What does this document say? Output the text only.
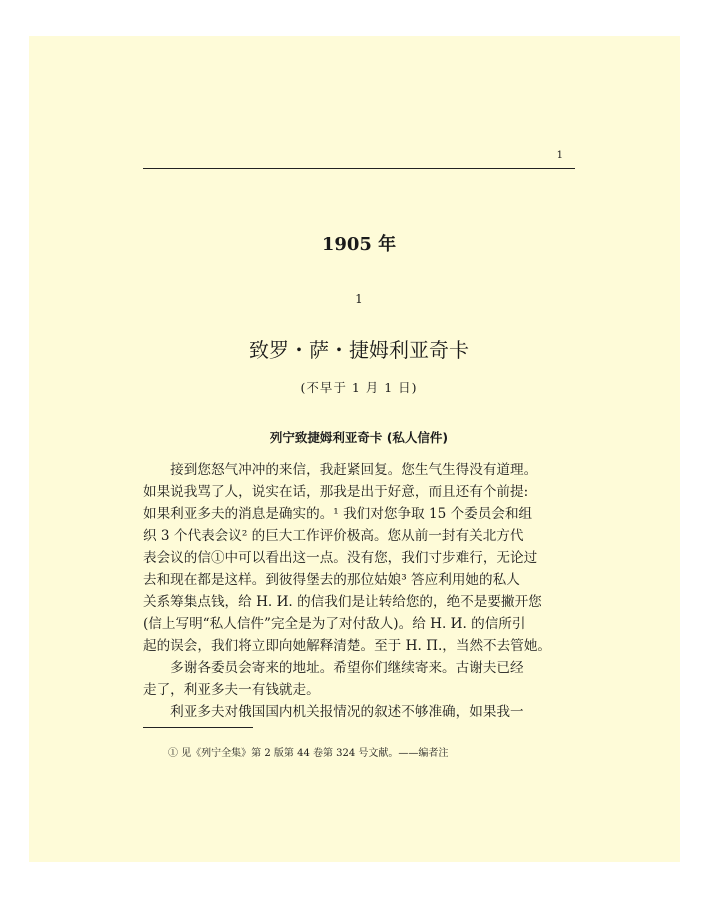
1
1905 年
1
致罗・萨・捷姆利亚奇卡
(不早于 1 月 1 日)
列宁致捷姆利亚奇卡 (私人信件)
　　接到您怒气冲冲的来信，我赶紧回复。您生气生得没有道理。
如果说我骂了人，说实在话，那我是出于好意，而且还有个前提:
如果利亚多夫的消息是确实的。¹ 我们对您争取 15 个委员会和组
织 3 个代表会议² 的巨大工作评价极高。您从前一封有关北方代
表会议的信①中可以看出这一点。没有您，我们寸步难行，无论过
去和现在都是这样。到彼得堡去的那位姑娘³ 答应利用她的私人
关系筹集点钱，给 H. И. 的信我们是让转给您的，绝不是要撇开您
(信上写明“私人信件”完全是为了对付敌人)。给 H. И. 的信所引
起的误会，我们将立即向她解释清楚。至于 H. П.，当然不去管她。
　　多谢各委员会寄来的地址。希望你们继续寄来。古谢夫已经
走了，利亚多夫一有钱就走。
　　利亚多夫对俄国国内机关报情况的叙述不够准确，如果我一
① 见《列宁全集》第 2 版第 44 卷第 324 号文献。——编者注
